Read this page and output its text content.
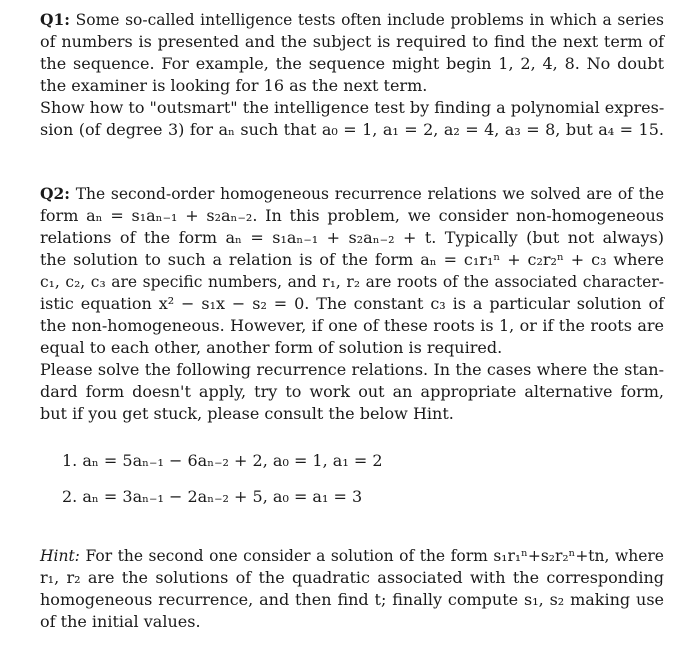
Q1: Some so-called intelligence tests often include problems in which a series
of numbers is presented and the subject is required to find the next term of
the sequence. For example, the sequence might begin 1, 2, 4, 8. No doubt
the examiner is looking for 16 as the next term.
Show how to "outsmart" the intelligence test by finding a polynomial expres-
sion (of degree 3) for aₙ such that a₀ = 1, a₁ = 2, a₂ = 4, a₃ = 8, but a₄ = 15.
Q2: The second-order homogeneous recurrence relations we solved are of the
form aₙ = s₁aₙ₋₁ + s₂aₙ₋₂. In this problem, we consider non-homogeneous
relations of the form aₙ = s₁aₙ₋₁ + s₂aₙ₋₂ + t. Typically (but not always)
the solution to such a relation is of the form aₙ = c₁r₁ⁿ + c₂r₂ⁿ + c₃ where
c₁, c₂, c₃ are specific numbers, and r₁, r₂ are roots of the associated character-
istic equation x² − s₁x − s₂ = 0. The constant c₃ is a particular solution of
the non-homogeneous. However, if one of these roots is 1, or if the roots are
equal to each other, another form of solution is required.
Please solve the following recurrence relations. In the cases where the stan-
dard form doesn't apply, try to work out an appropriate alternative form,
but if you get stuck, please consult the below Hint.
1. aₙ = 5aₙ₋₁ − 6aₙ₋₂ + 2, a₀ = 1, a₁ = 2
2. aₙ = 3aₙ₋₁ − 2aₙ₋₂ + 5, a₀ = a₁ = 3
Hint: For the second one consider a solution of the form s₁r₁ⁿ+s₂r₂ⁿ+tn, where
r₁, r₂ are the solutions of the quadratic associated with the corresponding
homogeneous recurrence, and then find t; finally compute s₁, s₂ making use
of the initial values.
